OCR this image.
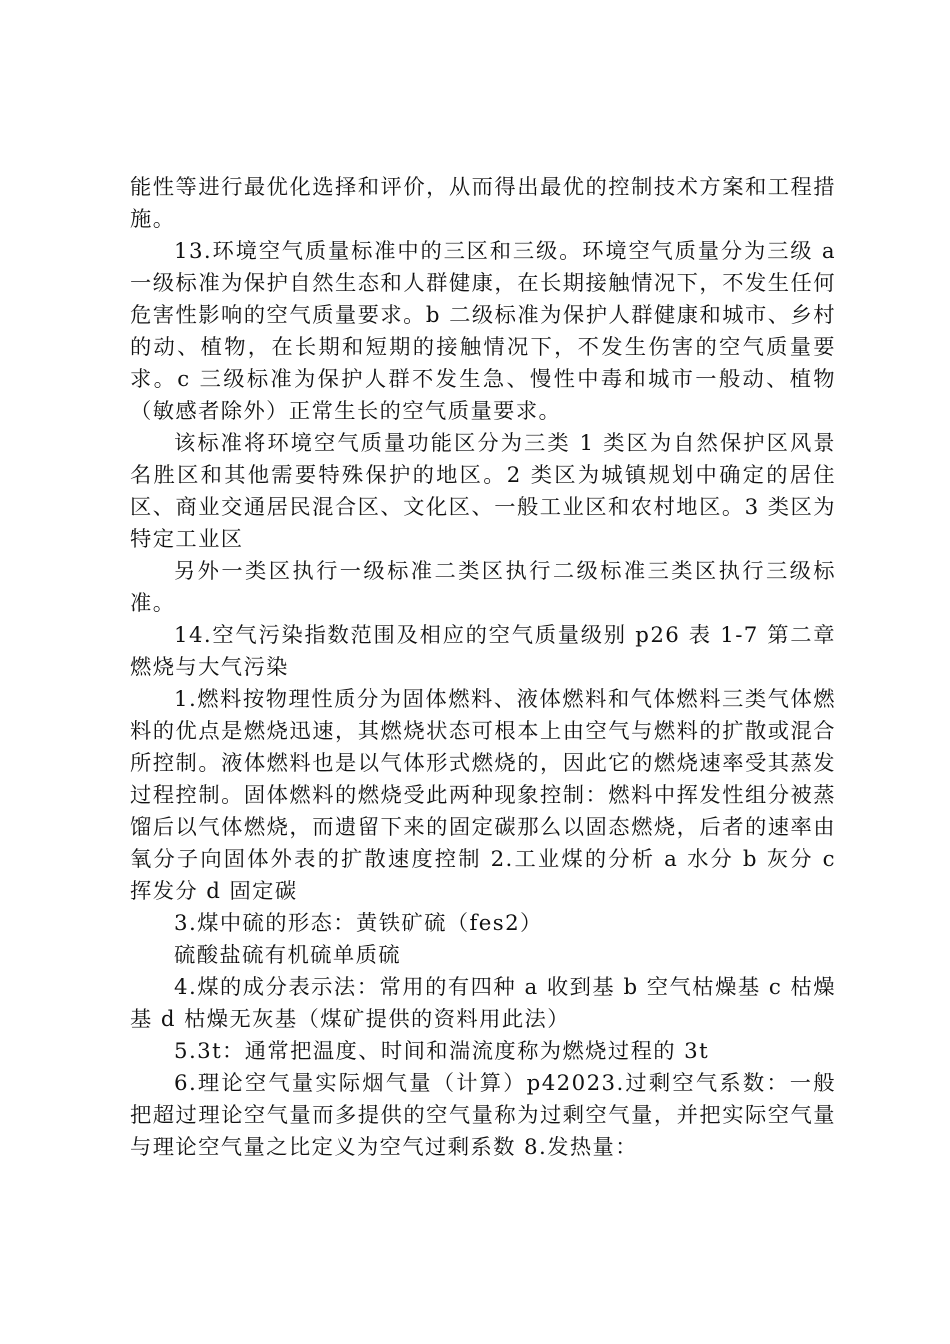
能性等进行最优化选择和评价，从而得出最优的控制技术方案和工程措施。

13.环境空气质量标准中的三区和三级。环境空气质量分为三级 a 一级标准为保护自然生态和人群健康，在长期接触情况下，不发生任何危害性影响的空气质量要求。b 二级标准为保护人群健康和城市、乡村的动、植物，在长期和短期的接触情况下，不发生伤害的空气质量要求。c 三级标准为保护人群不发生急、慢性中毒和城市一般动、植物（敏感者除外）正常生长的空气质量要求。

该标准将环境空气质量功能区分为三类 1 类区为自然保护区风景名胜区和其他需要特殊保护的地区。2 类区为城镇规划中确定的居住区、商业交通居民混合区、文化区、一般工业区和农村地区。3 类区为特定工业区

另外一类区执行一级标准二类区执行二级标准三类区执行三级标准。

14.空气污染指数范围及相应的空气质量级别 p26 表 1-7 第二章燃烧与大气污染

1.燃料按物理性质分为固体燃料、液体燃料和气体燃料三类气体燃料的优点是燃烧迅速，其燃烧状态可根本上由空气与燃料的扩散或混合所控制。液体燃料也是以气体形式燃烧的，因此它的燃烧速率受其蒸发过程控制。固体燃料的燃烧受此两种现象控制：燃料中挥发性组分被蒸馏后以气体燃烧，而遗留下来的固定碳那么以固态燃烧，后者的速率由氧分子向固体外表的扩散速度控制 2.工业煤的分析 a 水分 b 灰分 c 挥发分 d 固定碳

3.煤中硫的形态：黄铁矿硫（fes2）

硫酸盐硫有机硫单质硫

4.煤的成分表示法：常用的有四种 a 收到基 b 空气枯燥基 c 枯燥基 d 枯燥无灰基（煤矿提供的资料用此法）

5.3t：通常把温度、时间和湍流度称为燃烧过程的 3t

6.理论空气量实际烟气量（计算）p42023.过剩空气系数：一般把超过理论空气量而多提供的空气量称为过剩空气量，并把实际空气量与理论空气量之比定义为空气过剩系数 8.发热量：
